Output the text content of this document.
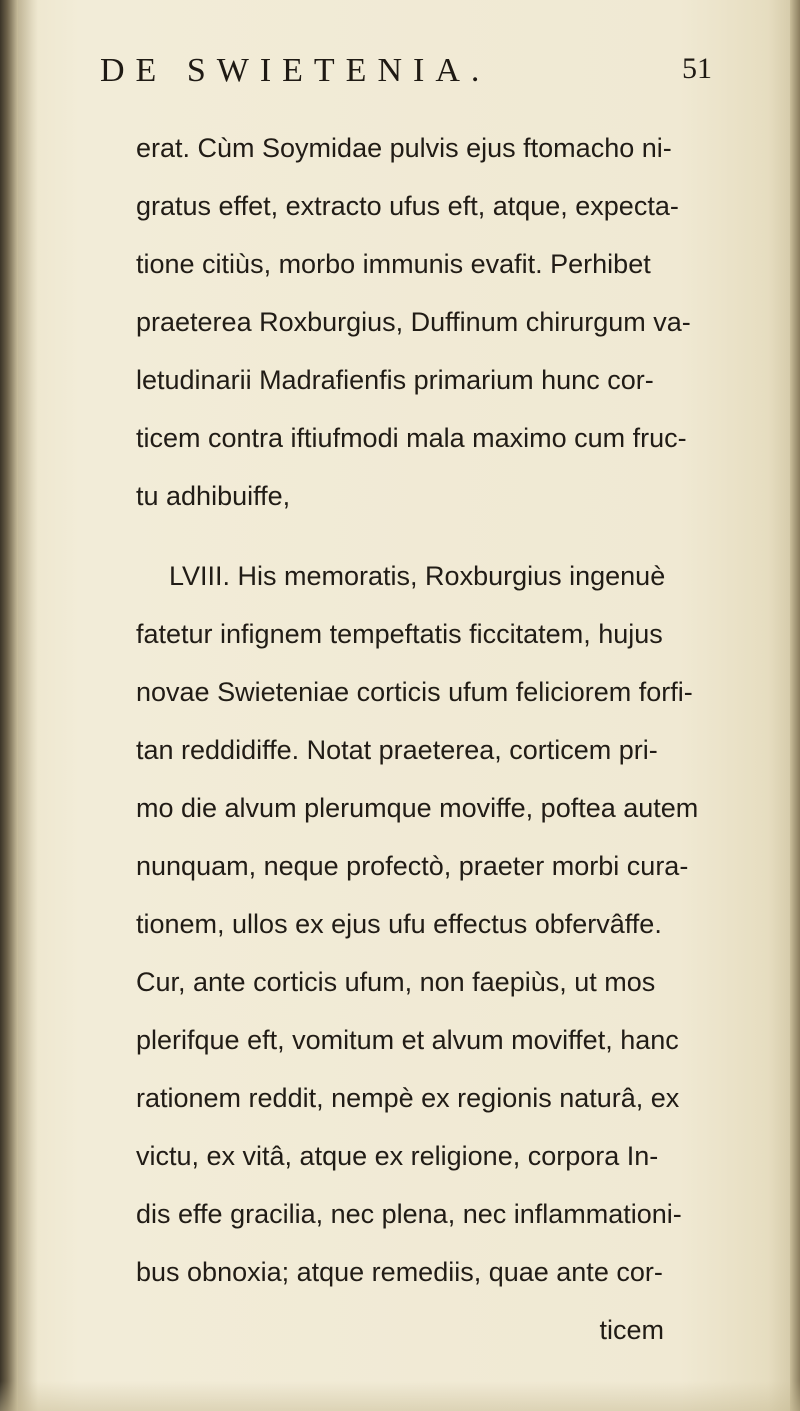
DE SWIETENIA.	51
erat. Cùm Soymidae pulvis ejus ftomacho ni-
gratus effet, extracto ufus eft, atque, expecta-
tione citiùs, morbo immunis evafit. Perhibet
praeterea Roxburgius, Duffinum chirurgum va-
letudinarii Madrafienfis primarium hunc cor-
ticem contra iftiufmodi mala maximo cum fruc-
tu adhibuiffe,
LVIII. His memoratis, Roxburgius ingenuè
fatetur infignem tempeftatis ficcitatem, hujus
novae Swieteniae corticis ufum feliciorem forfi-
tan reddidiffe. Notat praeterea, corticem pri-
mo die alvum plerumque moviffe, poftea autem
nunquam, neque profectò, praeter morbi cura-
tionem, ullos ex ejus ufu effectus obfervâffe.
Cur, ante corticis ufum, non faepiùs, ut mos
plerifque eft, vomitum et alvum moviffet, hanc
rationem reddit, nempè ex regionis naturâ, ex
victu, ex vitâ, atque ex religione, corpora In-
dis effe gracilia, nec plena, nec inflammationi-
bus obnoxia; atque remediis, quae ante cor-
ticem
